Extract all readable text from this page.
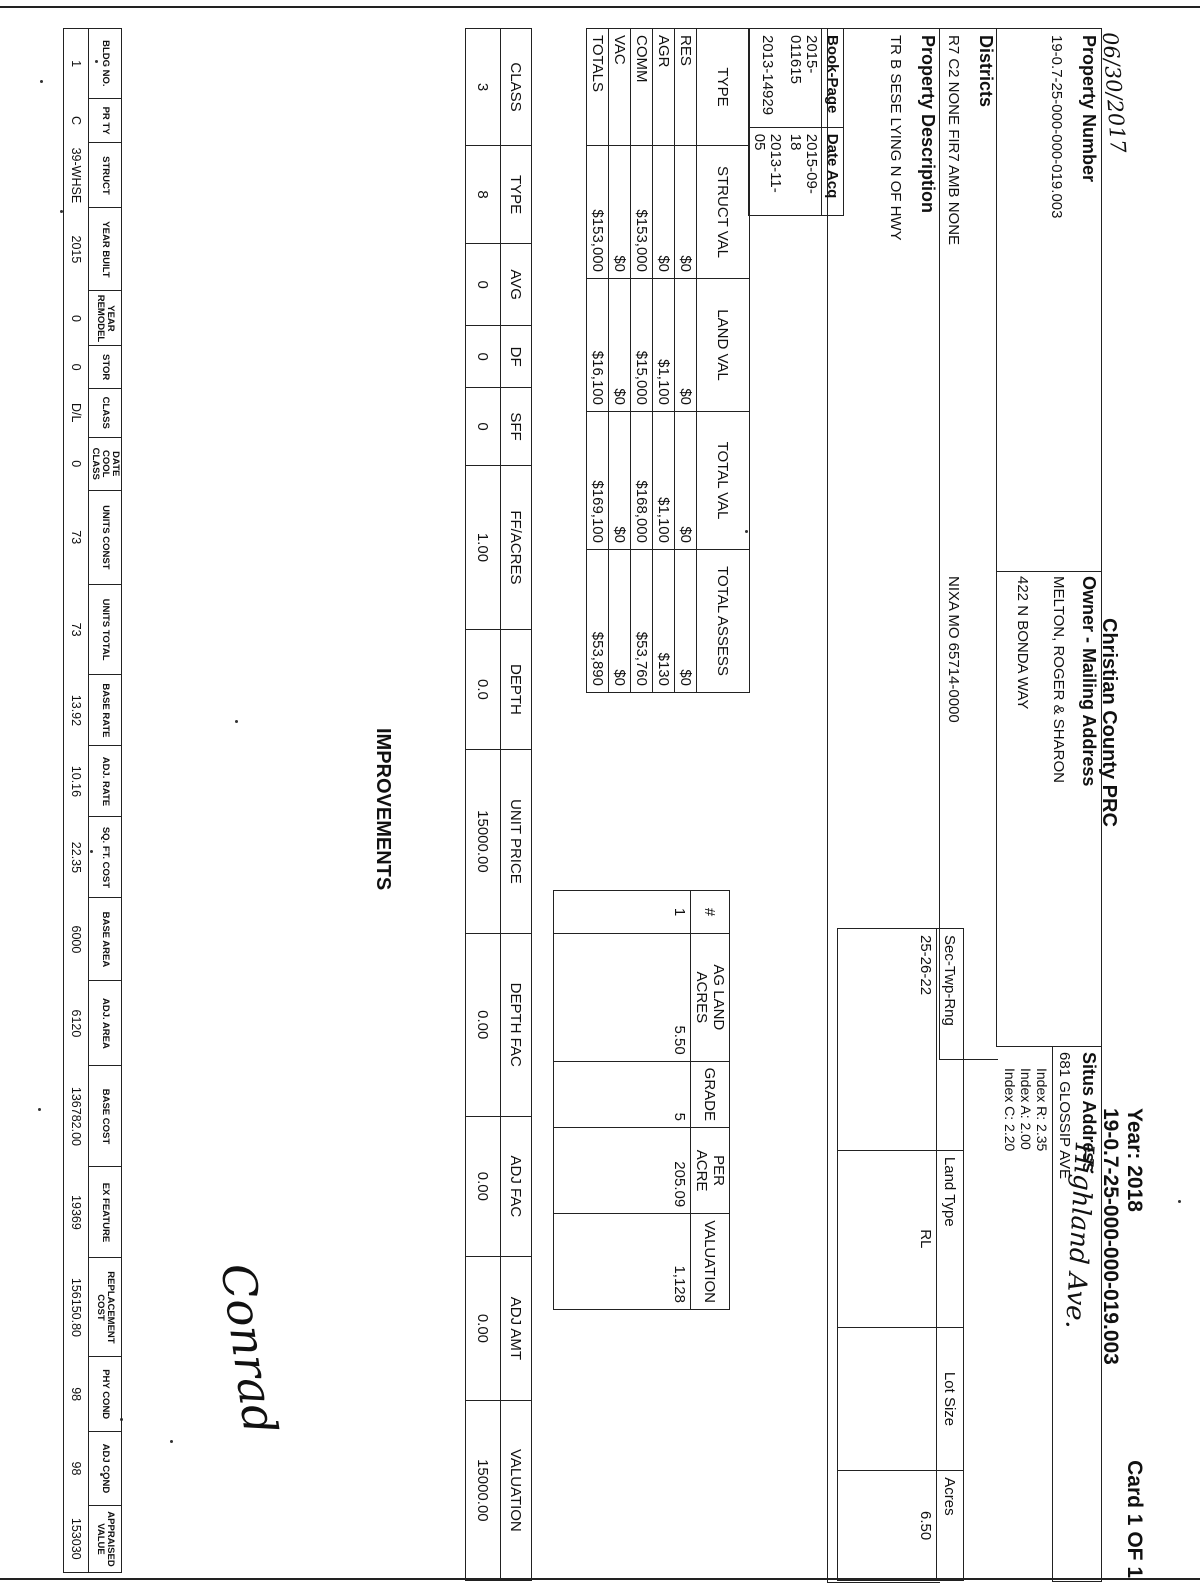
Year: 2018
Card 1 OF 1
19-0.7-25-000-000-019.003
Christian County PRC
06/30/2017
Property Number
19-0.7-25-000-000-019.003
Owner - Mailing Address
MELTON, ROGER & SHARON
422 N BONDA WAY
NIXA MO 65714-0000
Situs Address
681 GLOSSIP AVE
Highland Ave.
Index R: 2.35
Index A: 2.00
Index C: 2.20
Districts
R7 C2 NONE FIR7 AMB NONE
Property Description
TR B SESE LYING N OF HWY
Sec-Twp-Rng	Land Type	Lot Size	Acres
25-26-22	RL		6.50
Book-Page	Date Acq
2015-011615	2015-09-18
2013-14929	2013-11-05
TYPE	STRUCT VAL	LAND VAL	TOTAL VAL	TOTAL ASSESS
RES	$0	$0	$0	$0
AGR	$0	$1,100	$1,100	$130
COMM	$153,000	$15,000	$168,000	$53,760
VAC	$0	$0	$0	$0
TOTALS	$153,000	$16,100	$169,100	$53,890
#	AG LAND ACRES	GRADE	PER ACRE	VALUATION
1	5.50	5	205.09	1,128
CLASS	TYPE	AVG	DF	SFF	FF/ACRES	DEPTH	UNIT PRICE	DEPTH FAC	ADJ FAC	ADJ AMT	VALUATION
3	8	0	0	0	1.00	0.0	15000.00	0.00	0.00	0.00	15000.00
IMPROVEMENTS
Conrad
BLDG NO.	PR TY	STRUCT	YEAR BUILT	YEAR REMODEL	STOR	CLASS	DATE COOL CLASS	UNITS CONST	UNITS TOTAL	BASE RATE	ADJ. RATE	SQ. FT. COST	BASE AREA	ADJ. AREA	BASE COST	EX FEATURE	REPLACEMENT COST	PHY COND	ADJ COND	APPRAISED VALUE
1	C	39-WHSE	2015	0	0	D/L	0	73	73	13.92	10.16	22.35	6000	6120	136782.00	19369	156150.80	98	98	153030
